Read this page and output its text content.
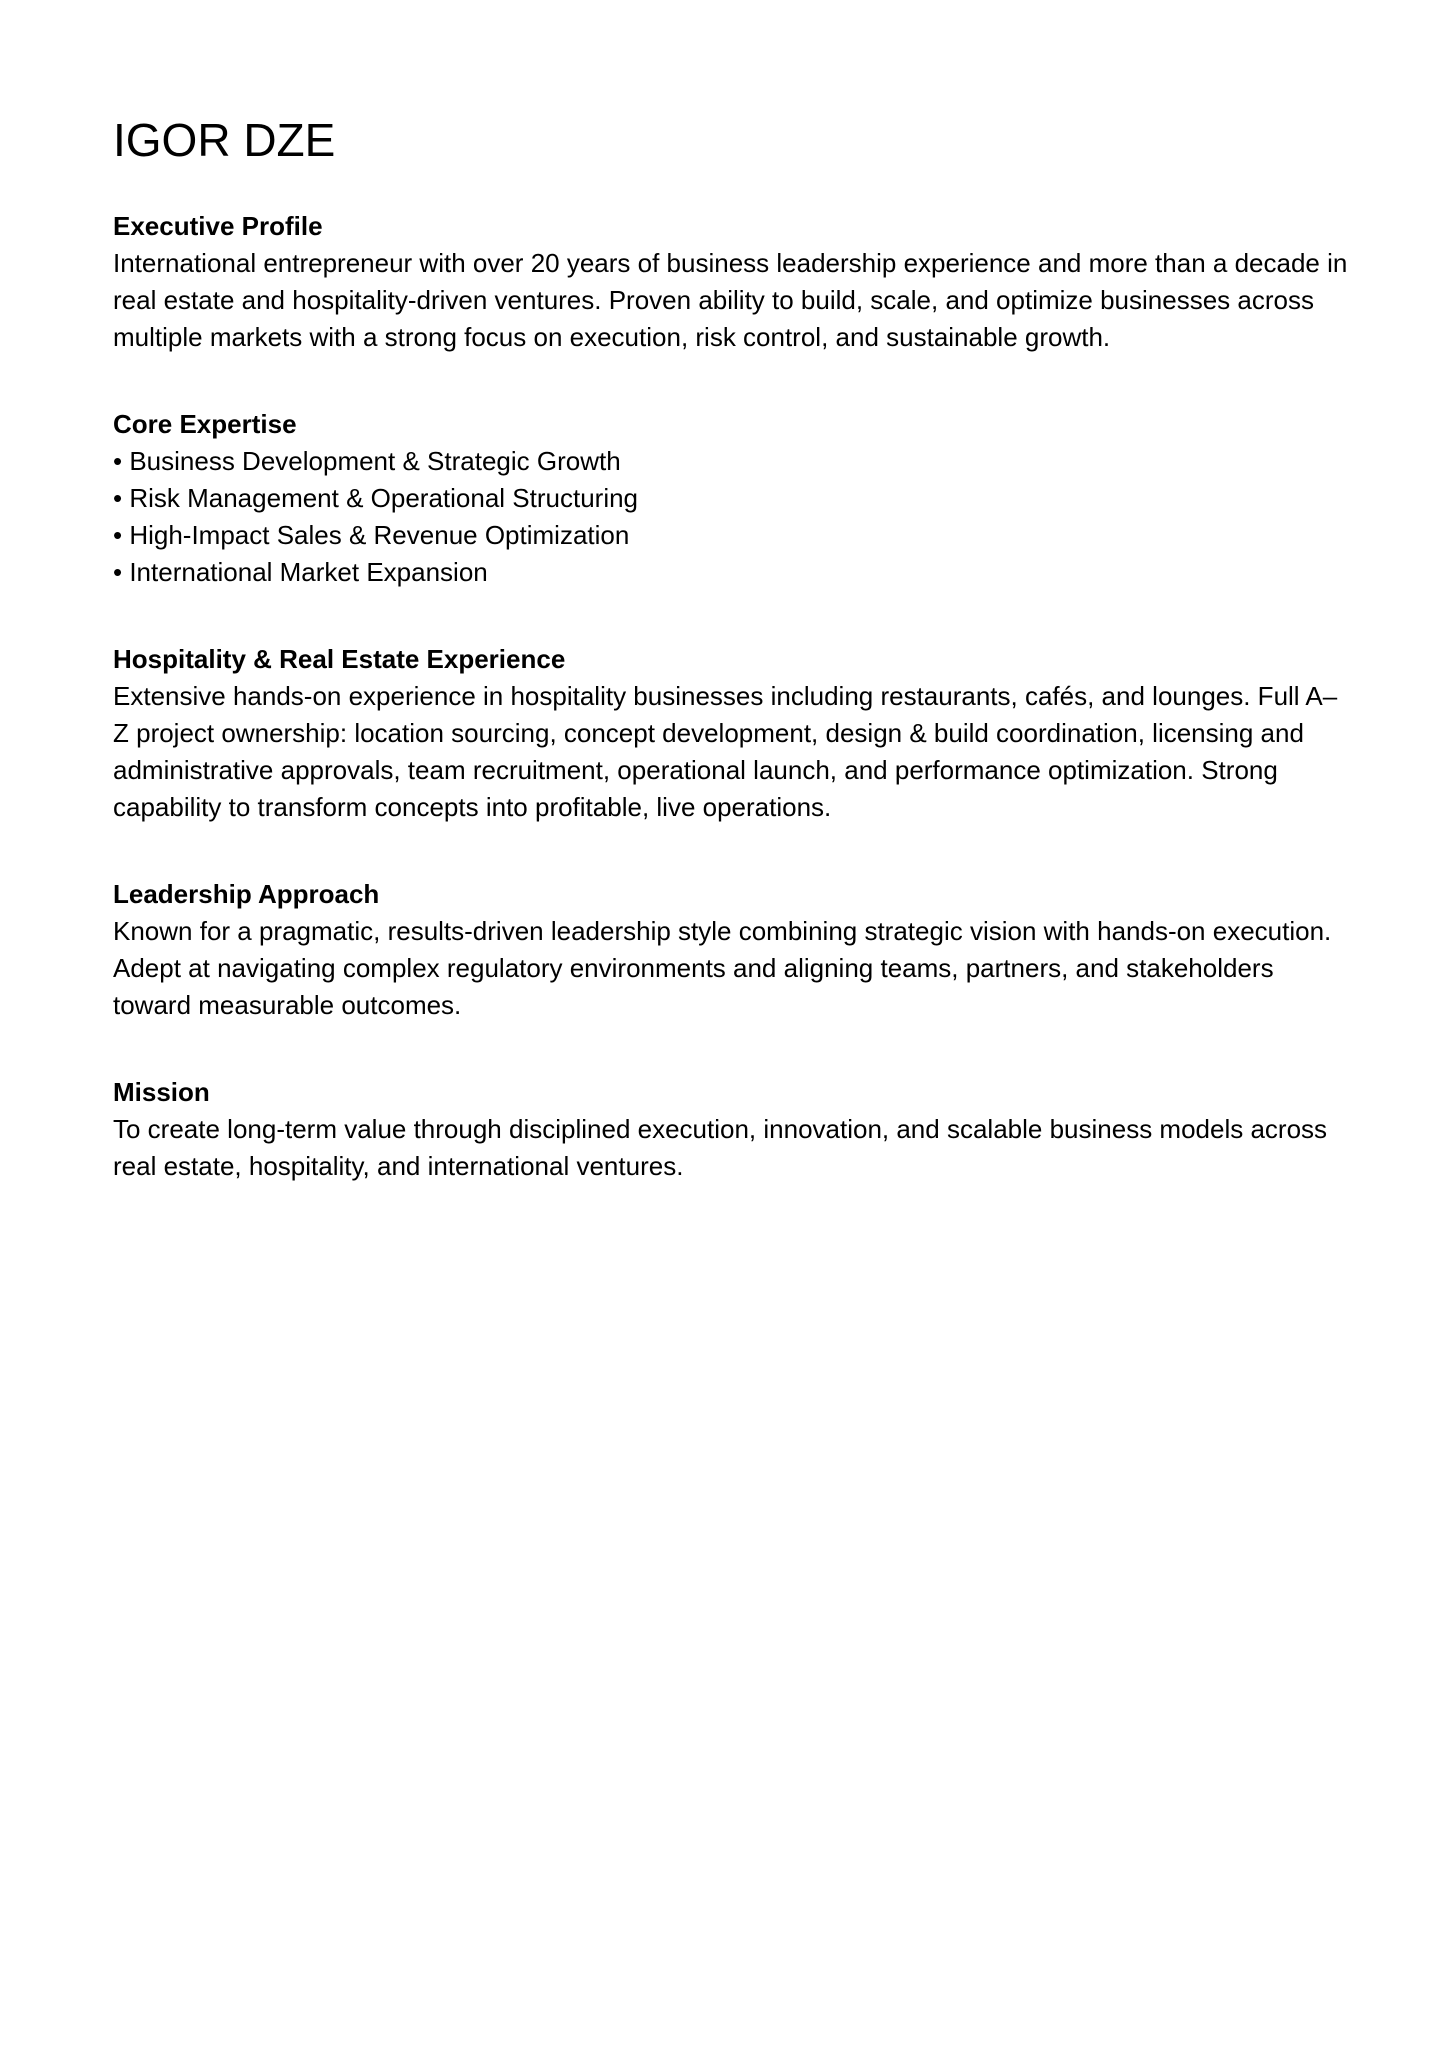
IGOR DZE
Executive Profile

International entrepreneur with over 20 years of business leadership experience and more than a decade in real estate and hospitality-driven ventures. Proven ability to build, scale, and optimize businesses across multiple markets with a strong focus on execution, risk control, and sustainable growth.

Core Expertise
• Business Development & Strategic Growth
• Risk Management & Operational Structuring
• High-Impact Sales & Revenue Optimization
• International Market Expansion
Hospitality & Real Estate Experience

Extensive hands-on experience in hospitality businesses including restaurants, cafés, and lounges. Full A–Z project ownership: location sourcing, concept development, design & build coordination, licensing and administrative approvals, team recruitment, operational launch, and performance optimization. Strong capability to transform concepts into profitable, live operations.

Leadership Approach

Known for a pragmatic, results-driven leadership style combining strategic vision with hands-on execution. Adept at navigating complex regulatory environments and aligning teams, partners, and stakeholders toward measurable outcomes.

Mission

To create long-term value through disciplined execution, innovation, and scalable business models across real estate, hospitality, and international ventures.
